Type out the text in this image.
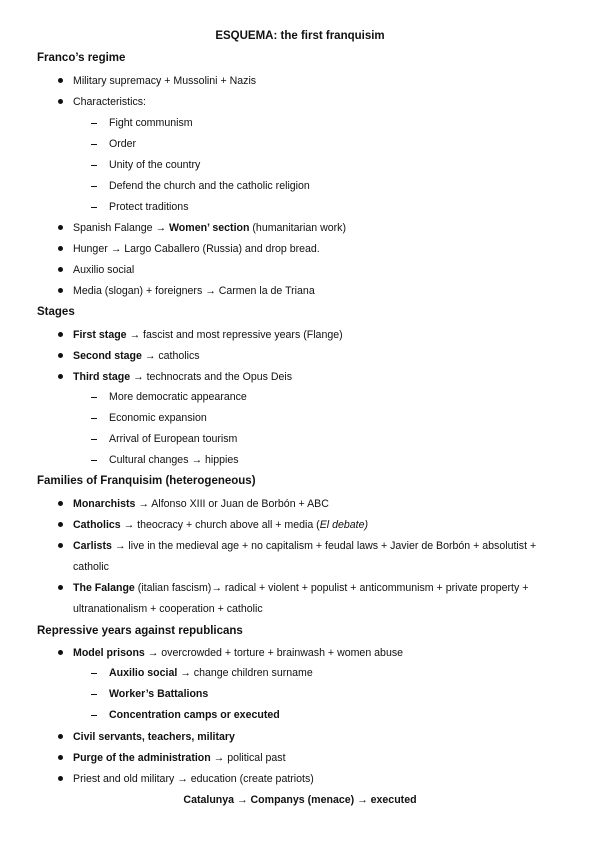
ESQUEMA: the first franquisim
Franco’s regime
Military supremacy + Mussolini + Nazis
Characteristics:
Fight communism
Order
Unity of the country
Defend the church and the catholic religion
Protect traditions
Spanish Falange → Women’ section (humanitarian work)
Hunger → Largo Caballero (Russia) and drop bread.
Auxilio social
Media (slogan) + foreigners → Carmen la de Triana
Stages
First stage → fascist and most repressive years (Flange)
Second stage → catholics
Third stage → technocrats and the Opus Deis
More democratic appearance
Economic expansion
Arrival of European tourism
Cultural changes → hippies
Families of Franquisim (heterogeneous)
Monarchists → Alfonso XIII or Juan de Borbón + ABC
Catholics → theocracy + church above all + media (El debate)
Carlists → live in the medieval age + no capitalism + feudal laws + Javier de Borbón + absolutist +
catholic
The Falange (italian fascism)→ radical + violent + populist + anticommunism + private property +
ultranationalism + cooperation + catholic
Repressive years against republicans
Model prisons → overcrowded + torture + brainwash + women abuse
Auxilio social → change children surname
Worker’s Battalions
Concentration camps or executed
Civil servants, teachers, military
Purge of the administration → political past
Priest and old military → education (create patriots)
Catalunya → Companys (menace) → executed
